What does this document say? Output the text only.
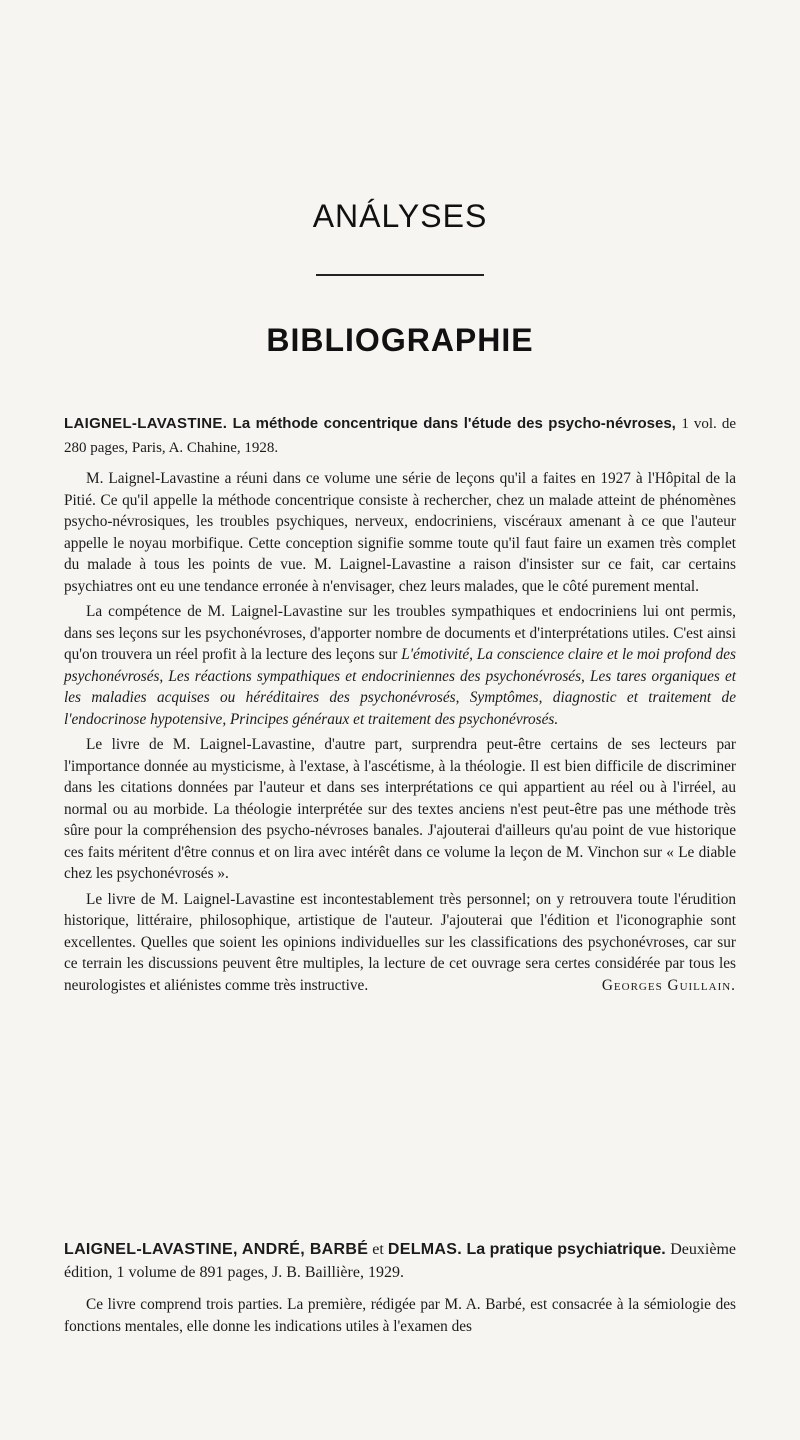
ANÁLYSES
BIBLIOGRAPHIE

LAIGNEL-LAVASTINE. La méthode concentrique dans l'étude des psycho-névroses, 1 vol. de 280 pages, Paris, A. Chahine, 1928.

M. Laignel-Lavastine a réuni dans ce volume une série de leçons qu'il a faites en 1927 à l'Hôpital de la Pitié. Ce qu'il appelle la méthode concentrique consiste à rechercher, chez un malade atteint de phénomènes psycho-névrosiques, les troubles psychiques, nerveux, endocriniens, viscéraux amenant à ce que l'auteur appelle le noyau morbifique. Cette conception signifie somme toute qu'il faut faire un examen très complet du malade à tous les points de vue. M. Laignel-Lavastine a raison d'insister sur ce fait, car certains psychiatres ont eu une tendance erronée à n'envisager, chez leurs malades, que le côté purement mental.

La compétence de M. Laignel-Lavastine sur les troubles sympathiques et endocriniens lui ont permis, dans ses leçons sur les psychonévroses, d'apporter nombre de documents et d'interprétations utiles. C'est ainsi qu'on trouvera un réel profit à la lecture des leçons sur L'émotivité, La conscience claire et le moi profond des psychonévrosés, Les réactions sympathiques et endocriniennes des psychonévrosés, Les tares organiques et les maladies acquises ou héréditaires des psychonévrosés, Symptômes, diagnostic et traitement de l'endocrinose hypotensive, Principes généraux et traitement des psychonévrosés.

Le livre de M. Laignel-Lavastine, d'autre part, surprendra peut-être certains de ses lecteurs par l'importance donnée au mysticisme, à l'extase, à l'ascétisme, à la théologie. Il est bien difficile de discriminer dans les citations données par l'auteur et dans ses interprétations ce qui appartient au réel ou à l'irréel, au normal ou au morbide. La théologie interprétée sur des textes anciens n'est peut-être pas une méthode très sûre pour la compréhension des psycho-névroses banales. J'ajouterai d'ailleurs qu'au point de vue historique ces faits méritent d'être connus et on lira avec intérêt dans ce volume la leçon de M. Vinchon sur « Le diable chez les psychonévrosés ».

Le livre de M. Laignel-Lavastine est incontestablement très personnel; on y retrouvera toute l'érudition historique, littéraire, philosophique, artistique de l'auteur. J'ajouterai que l'édition et l'iconographie sont excellentes. Quelles que soient les opinions individuelles sur les classifications des psychonévroses, car sur ce terrain les discussions peuvent être multiples, la lecture de cet ouvrage sera certes considérée par tous les neurologistes et aliénistes comme très instructive.	Georges Guillain.

LAIGNEL-LAVASTINE, ANDRÉ, BARBÉ et DELMAS. La pratique psychiatrique. Deuxième édition, 1 volume de 891 pages, J. B. Baillière, 1929.

Ce livre comprend trois parties. La première, rédigée par M. A. Barbé, est consacrée à la sémiologie des fonctions mentales, elle donne les indications utiles à l'examen des
